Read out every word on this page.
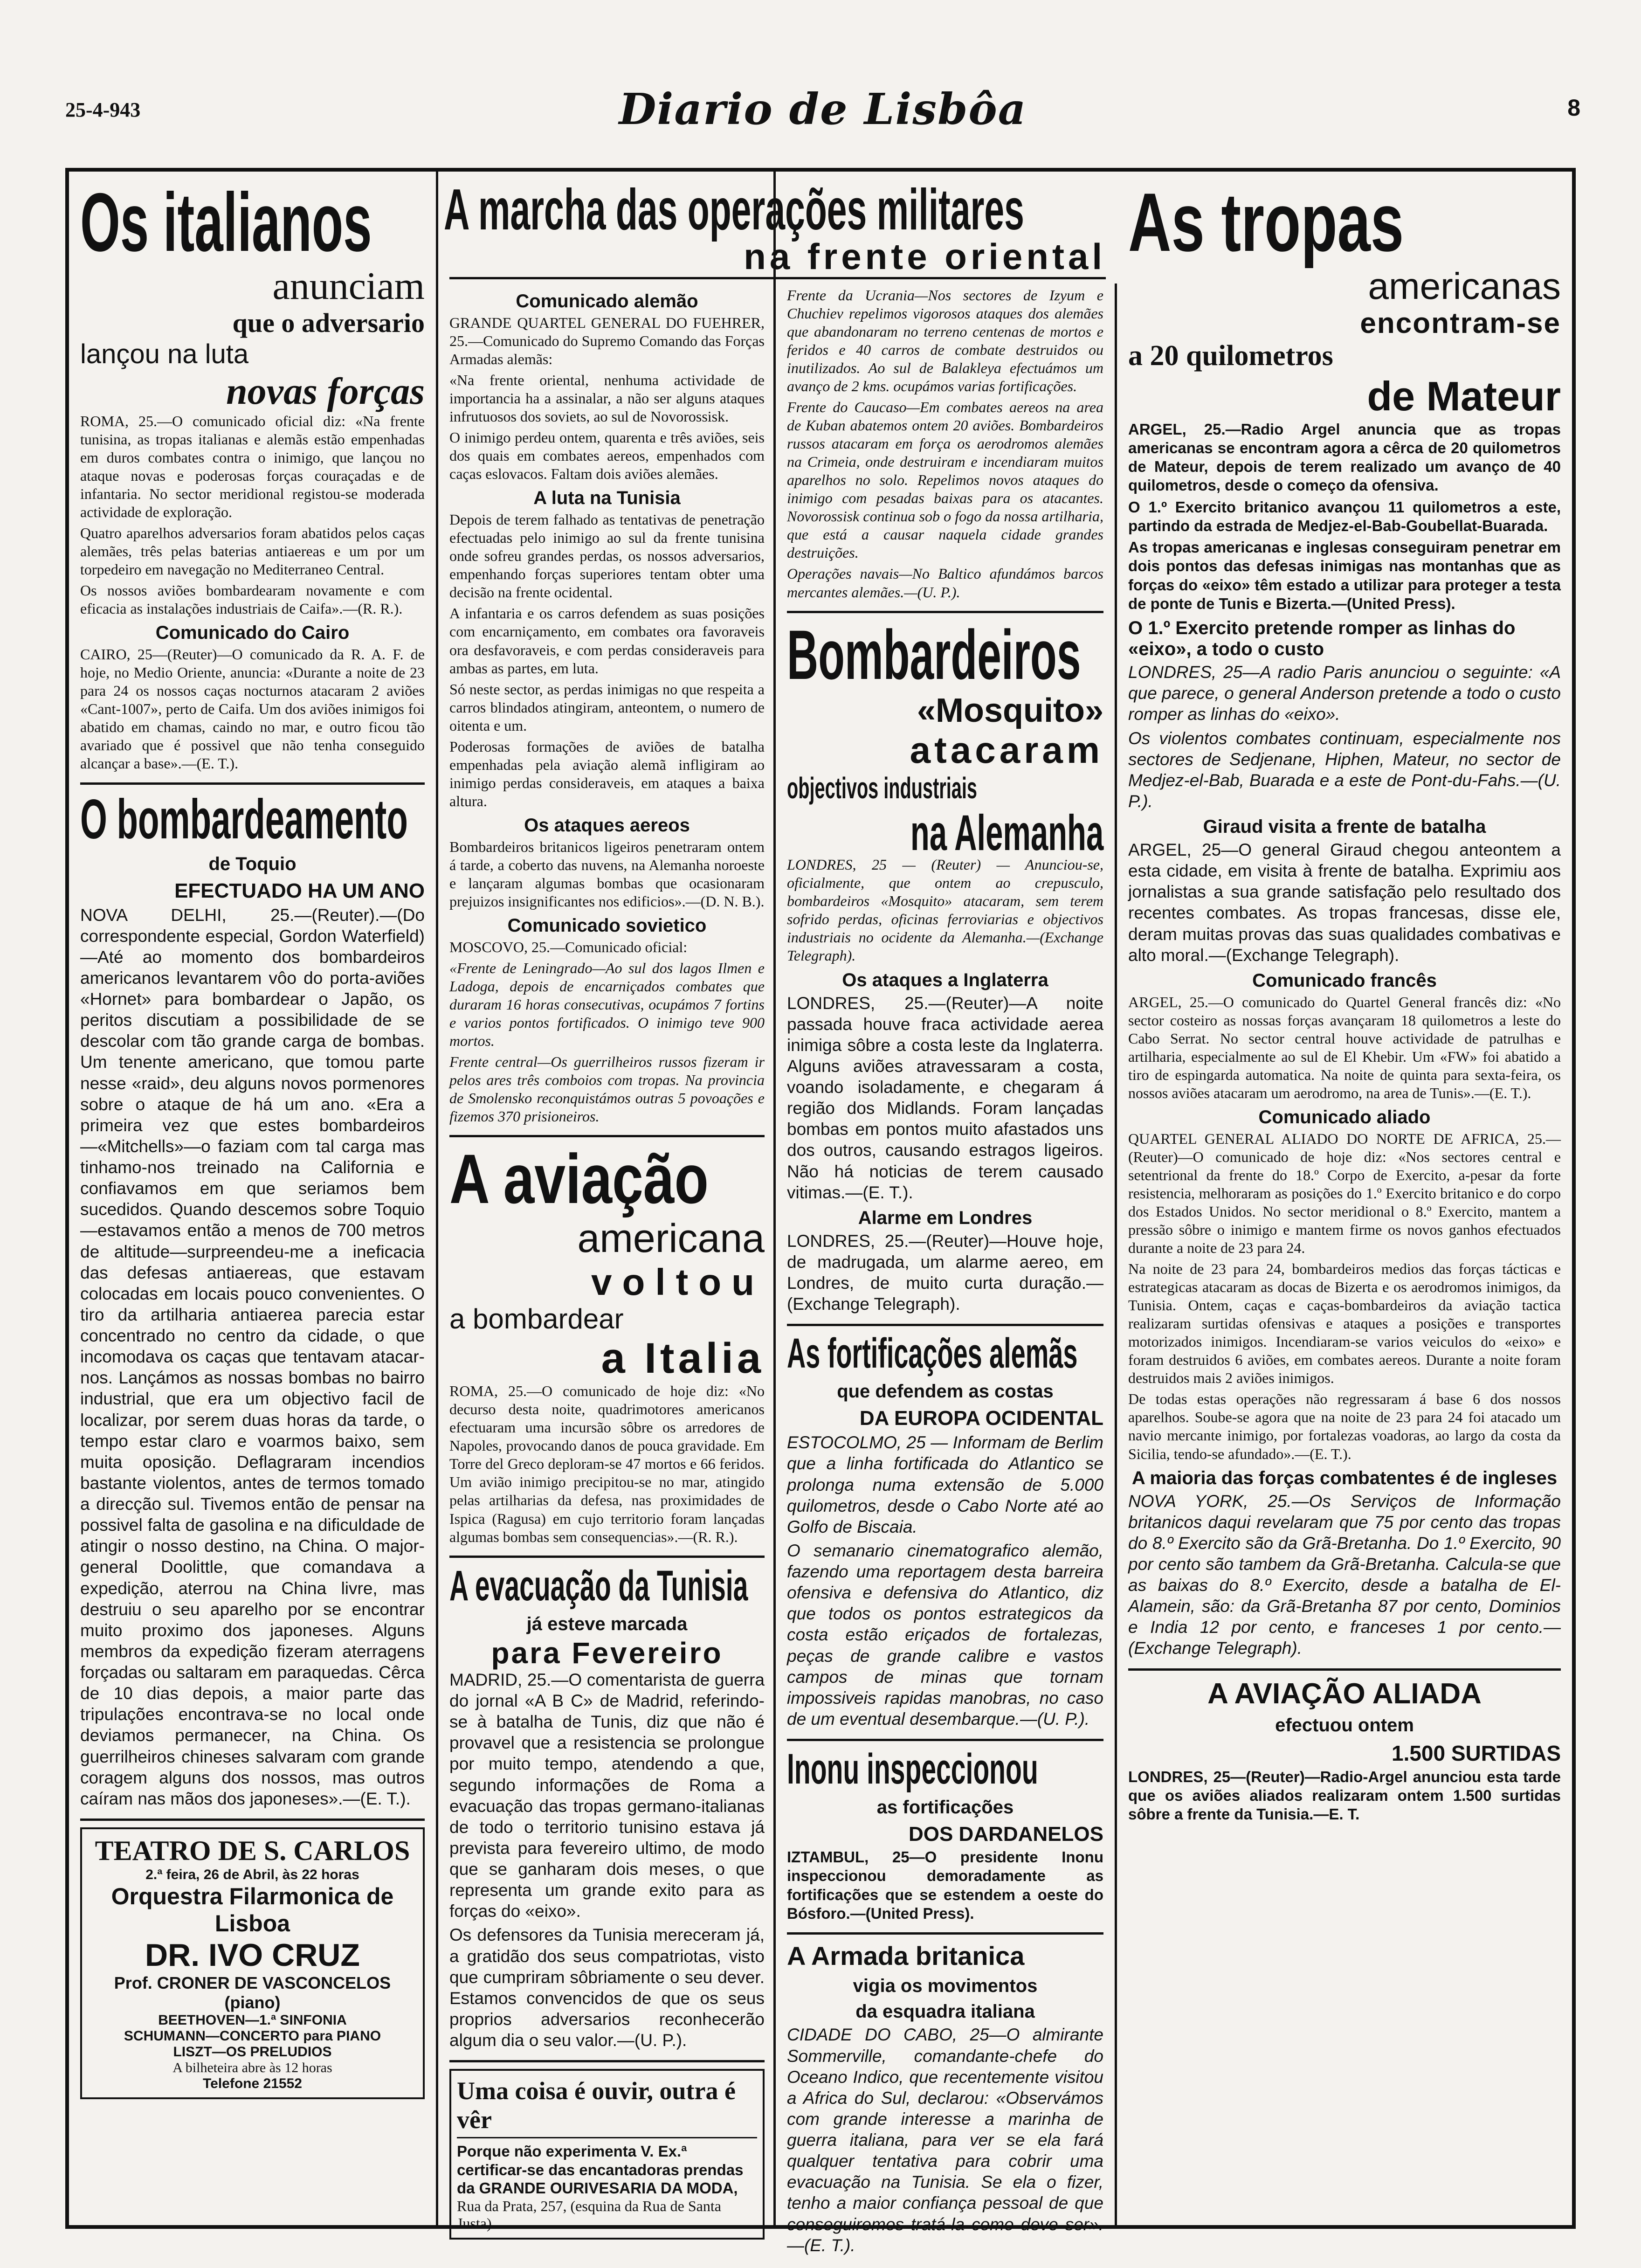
25-4-943	Diario de Lisbôa	8
Os italianos
anunciam
que o adversario
lançou na luta
novas forças

ROMA, 25.—O comunicado oficial diz: «Na frente tunisina, as tropas italianas e alemãs estão empenhadas em duros combates contra o inimigo, que lançou no ataque novas e poderosas forças couraçadas e de infantaria. No sector meridional registou-se moderada actividade de exploração.

Quatro aparelhos adversarios foram abatidos pelos caças alemães, três pelas baterias antiaereas e um por um torpedeiro em navegação no Mediterraneo Central.

Os nossos aviões bombardearam novamente e com eficacia as instalações industriais de Caifa».—(R. R.).

Comunicado do Cairo

CAIRO, 25—(Reuter)—O comunicado da R. A. F. de hoje, no Medio Oriente, anuncia: «Durante a noite de 23 para 24 os nossos caças nocturnos atacaram 2 aviões «Cant-1007», perto de Caifa. Um dos aviões inimigos foi abatido em chamas, caindo no mar, e outro ficou tão avariado que é possivel que não tenha conseguido alcançar a base».—(E. T.).

O bombardeamento
de Toquio
EFECTUADO HA UM ANO

NOVA DELHI, 25.—(Reuter).—(Do correspondente especial, Gordon Waterfield)—Até ao momento dos bombardeiros americanos levantarem vôo do porta-aviões «Hornet» para bombardear o Japão, os peritos discutiam a possibilidade de se descolar com tão grande carga de bombas. Um tenente americano, que tomou parte nesse «raid», deu alguns novos pormenores sobre o ataque de há um ano. «Era a primeira vez que estes bombardeiros —«Mitchells»—o faziam com tal carga mas tinhamo-nos treinado na California e confiavamos em que seriamos bem sucedidos. Quando descemos sobre Toquio—estavamos então a menos de 700 metros de altitude—surpreendeu-me a ineficacia das defesas antiaereas, que estavam colocadas em locais pouco convenientes. O tiro da artilharia antiaerea parecia estar concentrado no centro da cidade, o que incomodava os caças que tentavam atacar-nos. Lançámos as nossas bombas no bairro industrial, que era um objectivo facil de localizar, por serem duas horas da tarde, o tempo estar claro e voarmos baixo, sem muita oposição. Deflagraram incendios bastante violentos, antes de termos tomado a direcção sul. Tivemos então de pensar na possivel falta de gasolina e na dificuldade de atingir o nosso destino, na China. O major-general Doolittle, que comandava a expedição, aterrou na China livre, mas destruiu o seu aparelho por se encontrar muito proximo dos japoneses. Alguns membros da expedição fizeram aterragens forçadas ou saltaram em paraquedas. Cêrca de 10 dias depois, a maior parte das tripulações encontrava-se no local onde deviamos permanecer, na China. Os guerrilheiros chineses salvaram com grande coragem alguns dos nossos, mas outros caíram nas mãos dos japoneses».—(E. T.).

TEATRO DE S. CARLOS
2.ª feira, 26 de Abril, às 22 horas
Orquestra Filarmonica de Lisboa
DR. IVO CRUZ
Prof. CRONER DE VASCONCELOS (piano)
BEETHOVEN—1.ª SINFONIA
SCHUMANN—CONCERTO para PIANO
LISZT—OS PRELUDIOS
A bilheteira abre às 12 horas
Telefone 21552
A marcha das operações militares
na frente oriental
Comunicado alemão

GRANDE QUARTEL GENERAL DO FUEHRER, 25.—Comunicado do Supremo Comando das Forças Armadas alemãs:

«Na frente oriental, nenhuma actividade de importancia ha a assinalar, a não ser alguns ataques infrutuosos dos soviets, ao sul de Novorossisk.

O inimigo perdeu ontem, quarenta e três aviões, seis dos quais em combates aereos, empenhados com caças eslovacos. Faltam dois aviões alemães.

A luta na Tunisia

Depois de terem falhado as tentativas de penetração efectuadas pelo inimigo ao sul da frente tunisina onde sofreu grandes perdas, os nossos adversarios, empenhando forças superiores tentam obter uma decisão na frente ocidental.

A infantaria e os carros defendem as suas posições com encarniçamento, em combates ora favoraveis ora desfavoraveis, e com perdas consideraveis para ambas as partes, em luta.

Só neste sector, as perdas inimigas no que respeita a carros blindados atingiram, anteontem, o numero de oitenta e um.

Poderosas formações de aviões de batalha empenhadas pela aviação alemã infligiram ao inimigo perdas consideraveis, em ataques a baixa altura.

Os ataques aereos

Bombardeiros britanicos ligeiros penetraram ontem á tarde, a coberto das nuvens, na Alemanha noroeste e lançaram algumas bombas que ocasionaram prejuizos insignificantes nos edificios».—(D. N. B.).

Comunicado sovietico

MOSCOVO, 25.—Comunicado oficial:

«Frente de Leningrado—Ao sul dos lagos Ilmen e Ladoga, depois de encarniçados combates que duraram 16 horas consecutivas, ocupámos 7 fortins e varios pontos fortificados. O inimigo teve 900 mortos.

Frente central—Os guerrilheiros russos fizeram ir pelos ares três comboios com tropas. Na provincia de Smolensko reconquistámos outras 5 povoações e fizemos 370 prisioneiros.

A aviação
americana
voltou
a bombardear
a Italia

ROMA, 25.—O comunicado de hoje diz: «No decurso desta noite, quadrimotores americanos efectuaram uma incursão sôbre os arredores de Napoles, provocando danos de pouca gravidade. Em Torre del Greco deploram-se 47 mortos e 66 feridos. Um avião inimigo precipitou-se no mar, atingido pelas artilharias da defesa, nas proximidades de Ispica (Ragusa) em cujo territorio foram lançadas algumas bombas sem consequencias».—(R. R.).

A evacuação da Tunisia
já esteve marcada
para Fevereiro

MADRID, 25.—O comentarista de guerra do jornal «A B C» de Madrid, referindo-se à batalha de Tunis, diz que não é provavel que a resistencia se prolongue por muito tempo, atendendo a que, segundo informações de Roma a evacuação das tropas germano-italianas de todo o territorio tunisino estava já prevista para fevereiro ultimo, de modo que se ganharam dois meses, o que representa um grande exito para as forças do «eixo».

Os defensores da Tunisia mereceram já, a gratidão dos seus compatriotas, visto que cumpriram sôbriamente o seu dever. Estamos convencidos de que os seus proprios adversarios reconhecerão algum dia o seu valor.—(U. P.).

Uma coisa é ouvir, outra é vêr
Porque não experimenta V. Ex.ª certificar-se das encantadoras prendas da GRANDE OURIVESARIA DA MODA,
Rua da Prata, 257, (esquina da Rua de Santa Justa).

Frente da Ucrania—Nos sectores de Izyum e Chuchiev repelimos vigorosos ataques dos alemães que abandonaram no terreno centenas de mortos e feridos e 40 carros de combate destruidos ou inutilizados. Ao sul de Balakleya efectuámos um avanço de 2 kms. ocupámos varias fortificações.

Frente do Caucaso—Em combates aereos na area de Kuban abatemos ontem 20 aviões. Bombardeiros russos atacaram em força os aerodromos alemães na Crimeia, onde destruiram e incendiaram muitos aparelhos no solo. Repelimos novos ataques do inimigo com pesadas baixas para os atacantes. Novorossisk continua sob o fogo da nossa artilharia, que está a causar naquela cidade grandes destruições.

Operações navais—No Baltico afundámos barcos mercantes alemães.—(U. P.).

Bombardeiros
«Mosquito»
atacaram
objectivos industriais
na Alemanha

LONDRES, 25 — (Reuter) — Anunciou-se, oficialmente, que ontem ao crepusculo, bombardeiros «Mosquito» atacaram, sem terem sofrido perdas, oficinas ferroviarias e objectivos industriais no ocidente da Alemanha.—(Exchange Telegraph).

Os ataques a Inglaterra

LONDRES, 25.—(Reuter)—A noite passada houve fraca actividade aerea inimiga sôbre a costa leste da Inglaterra. Alguns aviões atravessaram a costa, voando isoladamente, e chegaram á região dos Midlands. Foram lançadas bombas em pontos muito afastados uns dos outros, causando estragos ligeiros. Não há noticias de terem causado vitimas.—(E. T.).

Alarme em Londres

LONDRES, 25.—(Reuter)—Houve hoje, de madrugada, um alarme aereo, em Londres, de muito curta duração.—(Exchange Telegraph).

As fortificações alemãs
que defendem as costas
DA EUROPA OCIDENTAL

ESTOCOLMO, 25 — Informam de Berlim que a linha fortificada do Atlantico se prolonga numa extensão de 5.000 quilometros, desde o Cabo Norte até ao Golfo de Biscaia.

O semanario cinematografico alemão, fazendo uma reportagem desta barreira ofensiva e defensiva do Atlantico, diz que todos os pontos estrategicos da costa estão eriçados de fortalezas, peças de grande calibre e vastos campos de minas que tornam impossiveis rapidas manobras, no caso de um eventual desembarque.—(U. P.).

Inonu inspeccionou
as fortificações
DOS DARDANELOS

IZTAMBUL, 25—O presidente Inonu inspeccionou demoradamente as fortificações que se estendem a oeste do Bósforo.—(United Press).

A Armada britanica
vigia os movimentos
da esquadra italiana

CIDADE DO CABO, 25—O almirante Sommerville, comandante-chefe do Oceano Indico, que recentemente visitou a Africa do Sul, declarou: «Observámos com grande interesse a marinha de guerra italiana, para ver se ela fará qualquer tentativa para cobrir uma evacuação na Tunisia. Se ela o fizer, tenho a maior confiança pessoal de que conseguiremos tratá-la como deve ser».—(E. T.).

As tropas
americanas
encontram-se
a 20 quilometros
de Mateur

ARGEL, 25.—Radio Argel anuncia que as tropas americanas se encontram agora a cêrca de 20 quilometros de Mateur, depois de terem realizado um avanço de 40 quilometros, desde o começo da ofensiva.

O 1.º Exercito britanico avançou 11 quilometros a este, partindo da estrada de Medjez-el-Bab-Goubellat-Buarada.

As tropas americanas e inglesas conseguiram penetrar em dois pontos das defesas inimigas nas montanhas que as forças do «eixo» têm estado a utilizar para proteger a testa de ponte de Tunis e Bizerta.—(United Press).

O 1.º Exercito pretende romper as linhas do «eixo», a todo o custo

LONDRES, 25—A radio Paris anunciou o seguinte: «A que parece, o general Anderson pretende a todo o custo romper as linhas do «eixo».

Os violentos combates continuam, especialmente nos sectores de Sedjenane, Hiphen, Mateur, no sector de Medjez-el-Bab, Buarada e a este de Pont-du-Fahs.—(U. P.).

Giraud visita a frente de batalha

ARGEL, 25—O general Giraud chegou anteontem a esta cidade, em visita à frente de batalha. Exprimiu aos jornalistas a sua grande satisfação pelo resultado dos recentes combates. As tropas francesas, disse ele, deram muitas provas das suas qualidades combativas e alto moral.—(Exchange Telegraph).

Comunicado francês

ARGEL, 25.—O comunicado do Quartel General francês diz: «No sector costeiro as nossas forças avançaram 18 quilometros a leste do Cabo Serrat. No sector central houve actividade de patrulhas e artilharia, especialmente ao sul de El Khebir. Um «FW» foi abatido a tiro de espingarda automatica. Na noite de quinta para sexta-feira, os nossos aviões atacaram um aerodromo, na area de Tunis».—(E. T.).

Comunicado aliado

QUARTEL GENERAL ALIADO DO NORTE DE AFRICA, 25.—(Reuter)—O comunicado de hoje diz: «Nos sectores central e setentrional da frente do 18.º Corpo de Exercito, a-pesar da forte resistencia, melhoraram as posições do 1.º Exercito britanico e do corpo dos Estados Unidos. No sector meridional o 8.º Exercito, mantem a pressão sôbre o inimigo e mantem firme os novos ganhos efectuados durante a noite de 23 para 24.

Na noite de 23 para 24, bombardeiros medios das forças tácticas e estrategicas atacaram as docas de Bizerta e os aerodromos inimigos, da Tunisia. Ontem, caças e caças-bombardeiros da aviação tactica realizaram surtidas ofensivas e ataques a posições e transportes motorizados inimigos. Incendiaram-se varios veiculos do «eixo» e foram destruidos 6 aviões, em combates aereos. Durante a noite foram destruidos mais 2 aviões inimigos.

De todas estas operações não regressaram á base 6 dos nossos aparelhos. Soube-se agora que na noite de 23 para 24 foi atacado um navio mercante inimigo, por fortalezas voadoras, ao largo da costa da Sicilia, tendo-se afundado».—(E. T.).

A maioria das forças combatentes é de ingleses

NOVA YORK, 25.—Os Serviços de Informação britanicos daqui revelaram que 75 por cento das tropas do 8.º Exercito são da Grã-Bretanha. Do 1.º Exercito, 90 por cento são tambem da Grã-Bretanha. Calcula-se que as baixas do 8.º Exercito, desde a batalha de El-Alamein, são: da Grã-Bretanha 87 por cento, Dominios e India 12 por cento, e franceses 1 por cento.—(Exchange Telegraph).

A AVIAÇÃO ALIADA
efectuou ontem
1.500 SURTIDAS

LONDRES, 25—(Reuter)—Radio-Argel anunciou esta tarde que os aviões aliados realizaram ontem 1.500 surtidas sôbre a frente da Tunisia.—E. T.
